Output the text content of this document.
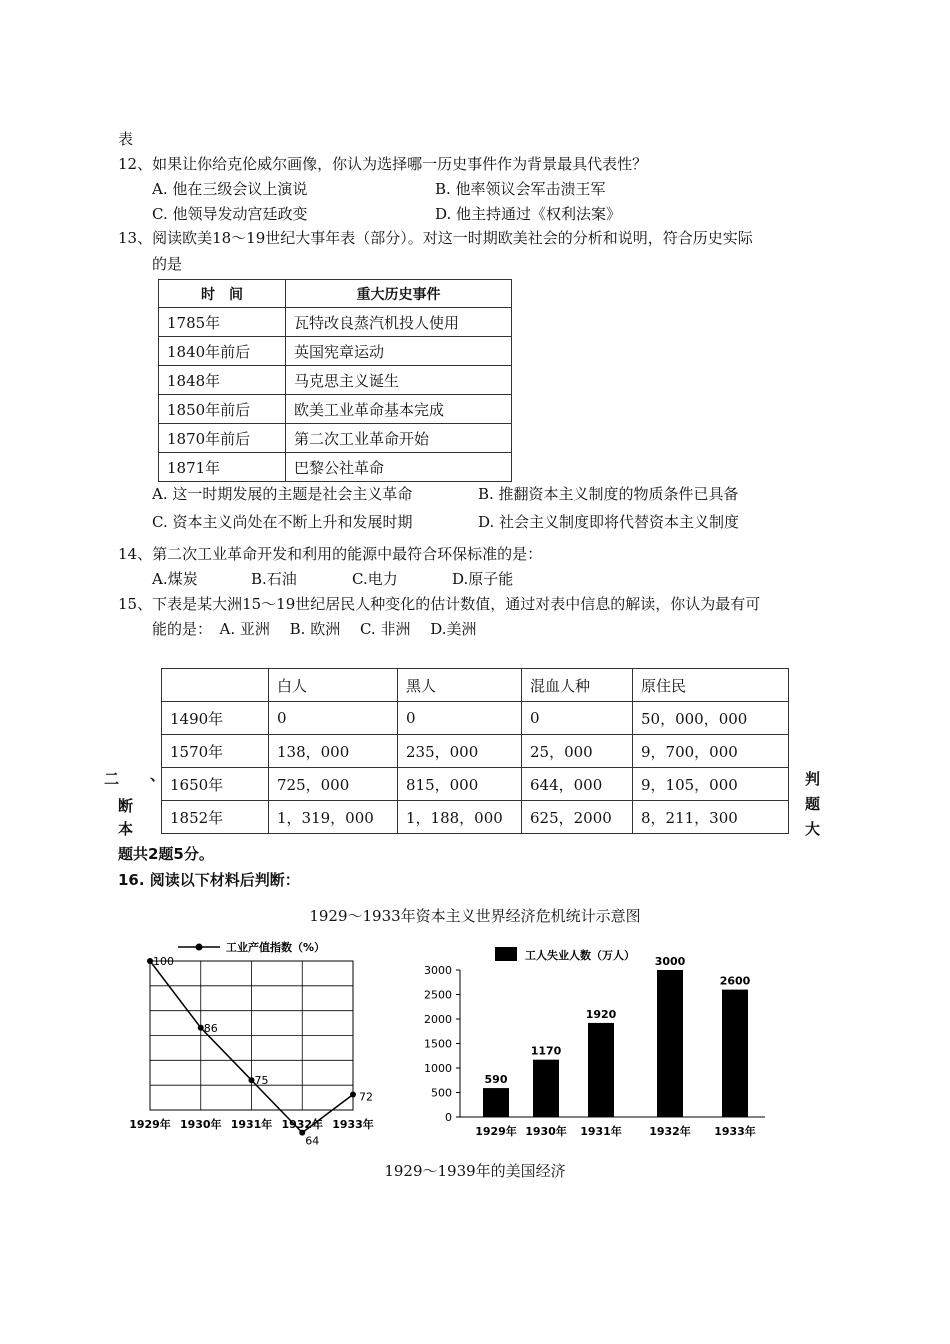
表
12、如果让你给克伦威尔画像，你认为选择哪一历史事件作为背景最具代表性？
A. 他在三级会议上演说	B. 他率领议会军击溃王军
C. 他领导发动宫廷政变	D. 他主持通过《权利法案》
13、阅读欧美18～19世纪大事年表（部分）。对这一时期欧美社会的分析和说明，符合历史实际
的是
时　间	重大历史事件
1785年	瓦特改良蒸汽机投人使用
1840年前后	英国宪章运动
1848年	马克思主义诞生
1850年前后	欧美工业革命基本完成
1870年前后	第二次工业革命开始
1871年	巴黎公社革命
A. 这一时期发展的主题是社会主义革命	B. 推翻资本主义制度的物质条件已具备
C. 资本主义尚处在不断上升和发展时期	D. 社会主义制度即将代替资本主义制度
14、第二次工业革命开发和利用的能源中最符合环保标准的是：
A.煤炭	B.石油	C.电力	D.原子能
15、下表是某大洲15～19世纪居民人种变化的估计数值，通过对表中信息的解读，你认为最有可
能的是：　A. 亚洲　 B. 欧洲　 C. 非洲　 D.美洲
	白人	黑人	混血人种	原住民
1490年	0	0	0	50，000，000
1570年	138，000	235，000	25，000	9，700，000
1650年	725，000	815，000	644，000	9，105，000
1852年	1，319，000	1，188，000	625，2000	8，211，300
二 、
断
本
判
题
大
题共2题5分。
16. 阅读以下材料后判断：
1929～1933年资本主义世界经济危机统计示意图
工业产值指数（%）
100
86
75
64
72
1929年 1930年 1931年 1932年 1933年
工人失业人数（万人）
0
500
1000
1500
2000
2500
3000
590
1929年
1170
1930年
1920
1931年
3000
1932年
2600
1933年
1929～1939年的美国经济
